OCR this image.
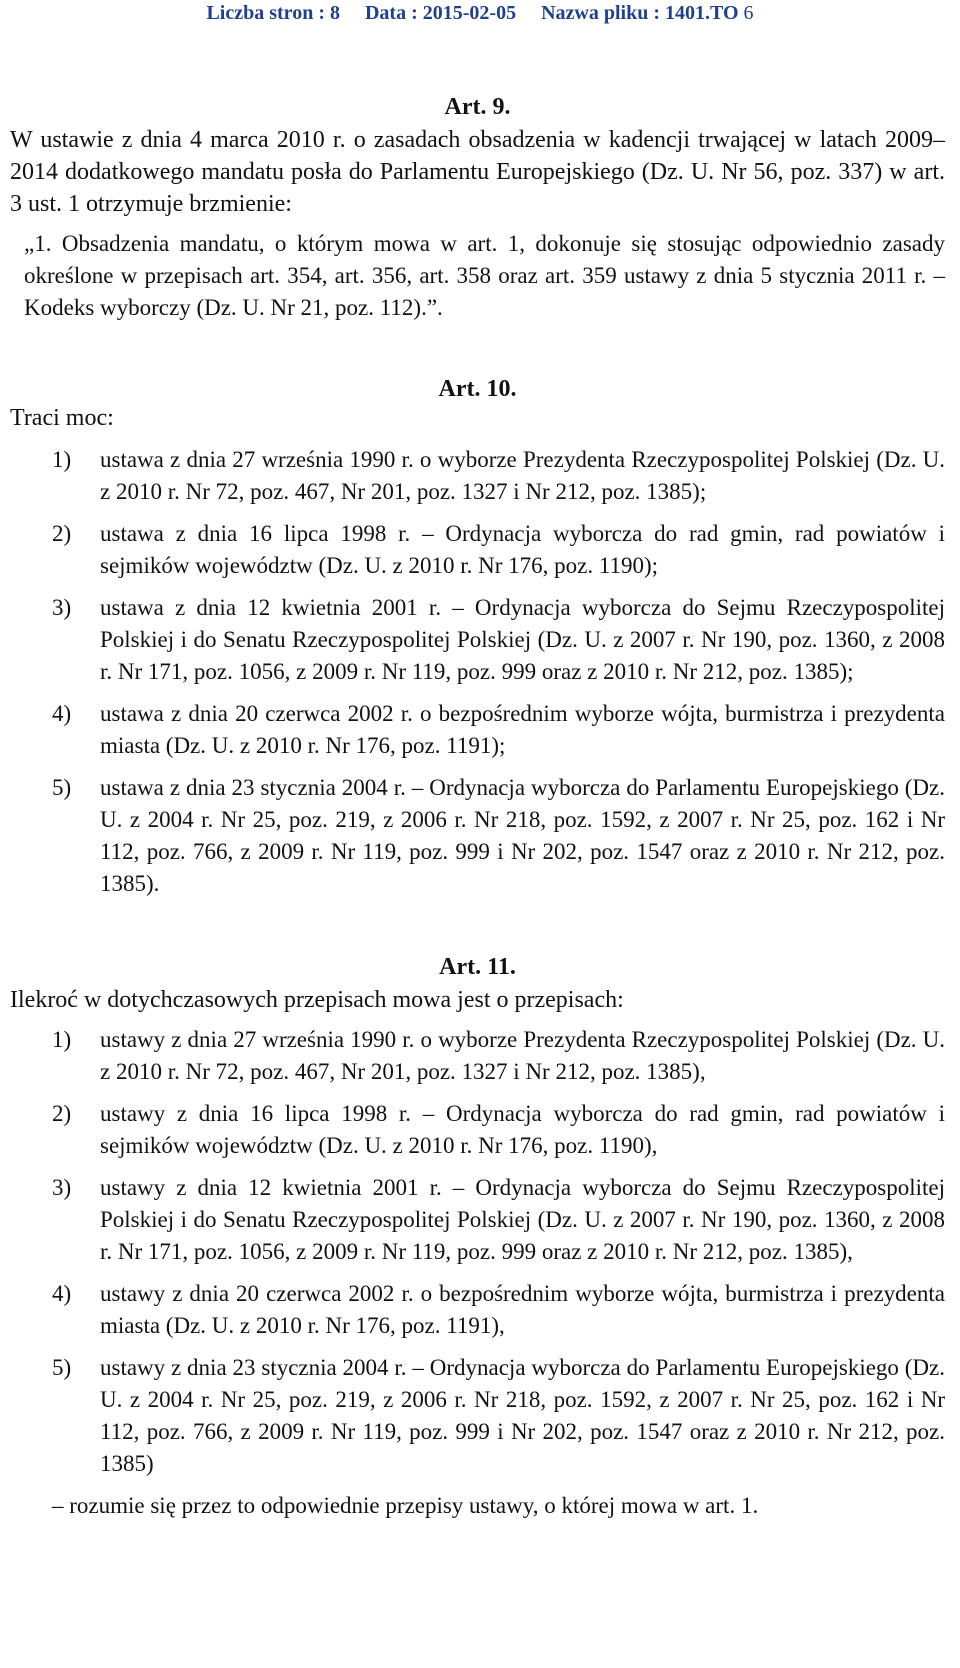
Liczba stron : 8 Data : 2015-02-05 Nazwa pliku : 1401.TO 6

Art. 9.

W ustawie z dnia 4 marca 2010 r. o zasadach obsadzenia w kadencji trwającej w latach 2009–2014 dodatkowego mandatu posła do Parlamentu Europejskiego (Dz. U. Nr 56, poz. 337) w art. 3 ust. 1 otrzymuje brzmienie:

„1. Obsadzenia mandatu, o którym mowa w art. 1, dokonuje się stosując odpowiednio zasady określone w przepisach art. 354, art. 356, art. 358 oraz art. 359 ustawy z dnia 5 stycznia 2011 r. – Kodeks wyborczy (Dz. U. Nr 21, poz. 112).”.

Art. 10.

Traci moc:

1) ustawa z dnia 27 września 1990 r. o wyborze Prezydenta Rzeczypospolitej Polskiej (Dz. U. z 2010 r. Nr 72, poz. 467, Nr 201, poz. 1327 i Nr 212, poz. 1385);
2) ustawa z dnia 16 lipca 1998 r. – Ordynacja wyborcza do rad gmin, rad powiatów i sejmików województw (Dz. U. z 2010 r. Nr 176, poz. 1190);
3) ustawa z dnia 12 kwietnia 2001 r. – Ordynacja wyborcza do Sejmu Rzeczypospolitej Polskiej i do Senatu Rzeczypospolitej Polskiej (Dz. U. z 2007 r. Nr 190, poz. 1360, z 2008 r. Nr 171, poz. 1056, z 2009 r. Nr 119, poz. 999 oraz z 2010 r. Nr 212, poz. 1385);
4) ustawa z dnia 20 czerwca 2002 r. o bezpośrednim wyborze wójta, burmistrza i prezydenta miasta (Dz. U. z 2010 r. Nr 176, poz. 1191);
5) ustawa z dnia 23 stycznia 2004 r. – Ordynacja wyborcza do Parlamentu Europejskiego (Dz. U. z 2004 r. Nr 25, poz. 219, z 2006 r. Nr 218, poz. 1592, z 2007 r. Nr 25, poz. 162 i Nr 112, poz. 766, z 2009 r. Nr 119, poz. 999 i Nr 202, poz. 1547 oraz z 2010 r. Nr 212, poz. 1385).

Art. 11.

Ilekroć w dotychczasowych przepisach mowa jest o przepisach:

1) ustawy z dnia 27 września 1990 r. o wyborze Prezydenta Rzeczypospolitej Polskiej (Dz. U. z 2010 r. Nr 72, poz. 467, Nr 201, poz. 1327 i Nr 212, poz. 1385),
2) ustawy z dnia 16 lipca 1998 r. – Ordynacja wyborcza do rad gmin, rad powiatów i sejmików województw (Dz. U. z 2010 r. Nr 176, poz. 1190),
3) ustawy z dnia 12 kwietnia 2001 r. – Ordynacja wyborcza do Sejmu Rzeczypospolitej Polskiej i do Senatu Rzeczypospolitej Polskiej (Dz. U. z 2007 r. Nr 190, poz. 1360, z 2008 r. Nr 171, poz. 1056, z 2009 r. Nr 119, poz. 999 oraz z 2010 r. Nr 212, poz. 1385),
4) ustawy z dnia 20 czerwca 2002 r. o bezpośrednim wyborze wójta, burmistrza i prezydenta miasta (Dz. U. z 2010 r. Nr 176, poz. 1191),
5) ustawy z dnia 23 stycznia 2004 r. – Ordynacja wyborcza do Parlamentu Europejskiego (Dz. U. z 2004 r. Nr 25, poz. 219, z 2006 r. Nr 218, poz. 1592, z 2007 r. Nr 25, poz. 162 i Nr 112, poz. 766, z 2009 r. Nr 119, poz. 999 i Nr 202, poz. 1547 oraz z 2010 r. Nr 212, poz. 1385)

– rozumie się przez to odpowiednie przepisy ustawy, o której mowa w art. 1.
